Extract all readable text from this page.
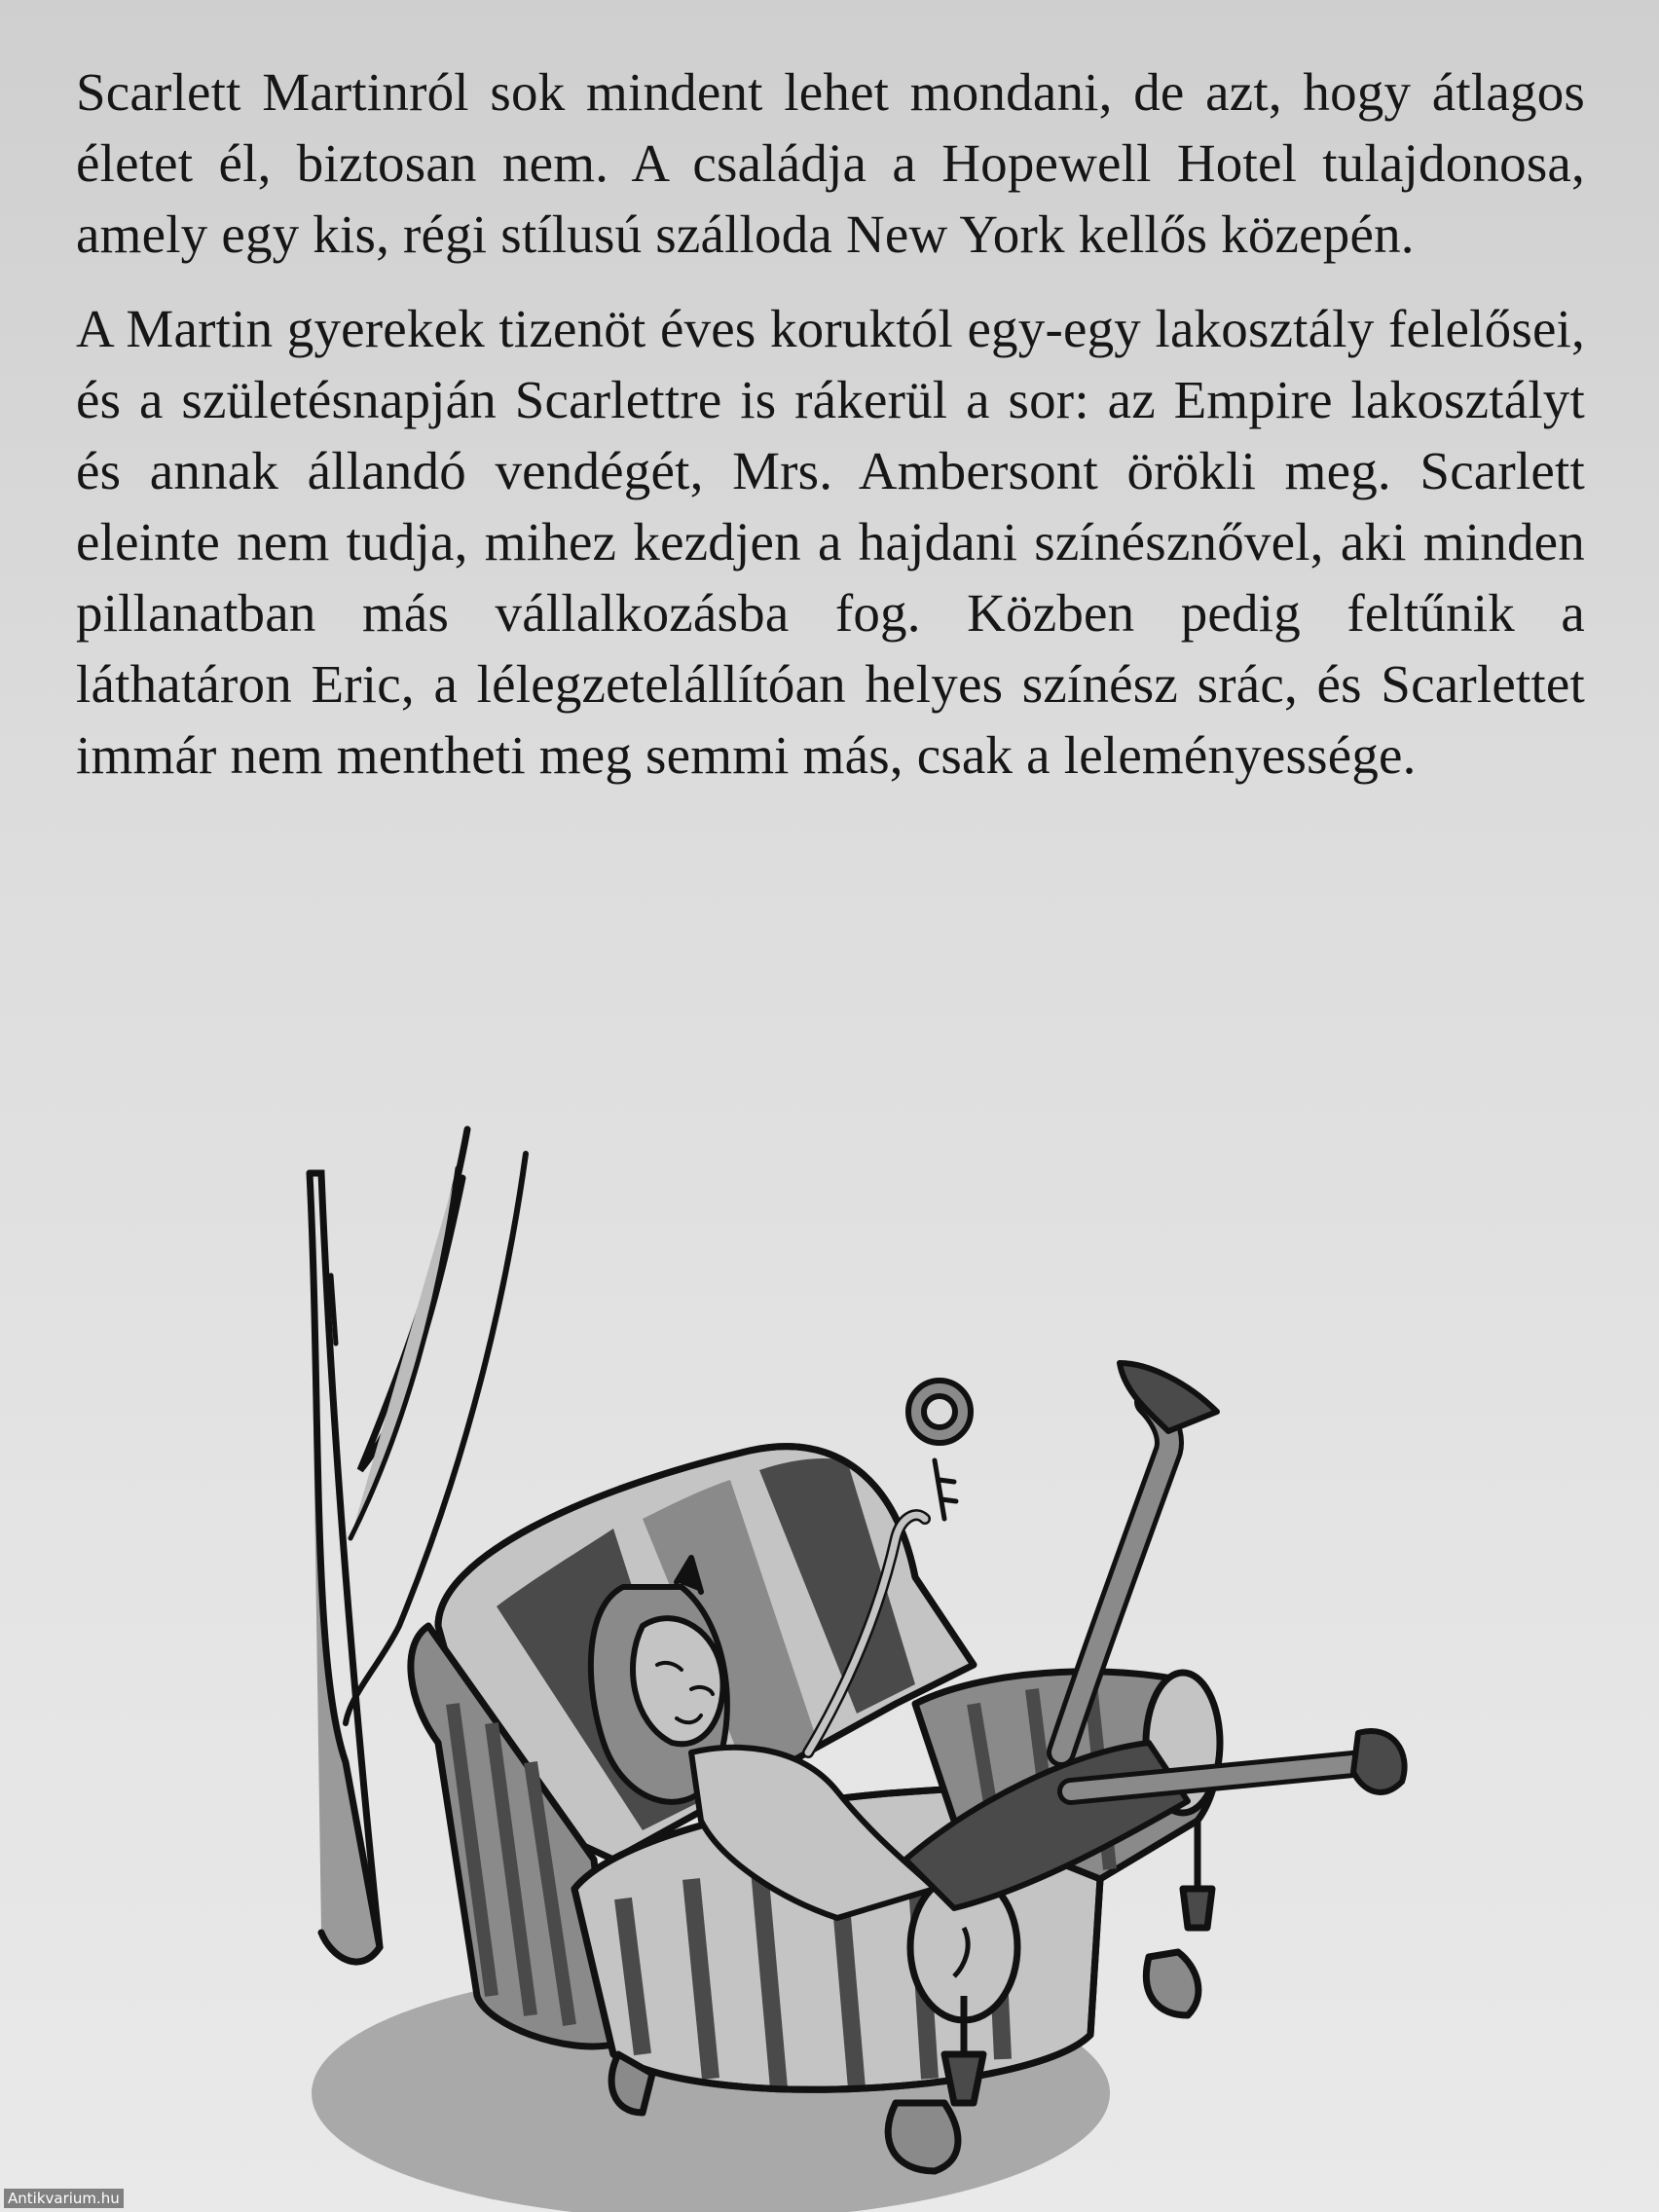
Scarlett Martinról sok mindent lehet mondani, de azt, hogy átlagos életet él, biztosan nem. A családja a Hopewell Hotel tulajdonosa, amely egy kis, régi stílusú szálloda New York kellős közepén.

A Martin gyerekek tizenöt éves koruktól egy-egy lakosztály felelősei, és a születésnapján Scarlettre is rákerül a sor: az Empire lakosztályt és annak állandó vendégét, Mrs. Ambersont örökli meg. Scarlett eleinte nem tudja, mihez kezdjen a hajdani színésznővel, aki minden pillanatban más vállalkozásba fog. Közben pedig feltűnik a láthatáron Eric, a lélegzetelállítóan helyes színész srác, és Scarlettet immár nem mentheti meg semmi más, csak a leleményessége.

Antikvarium.hu
